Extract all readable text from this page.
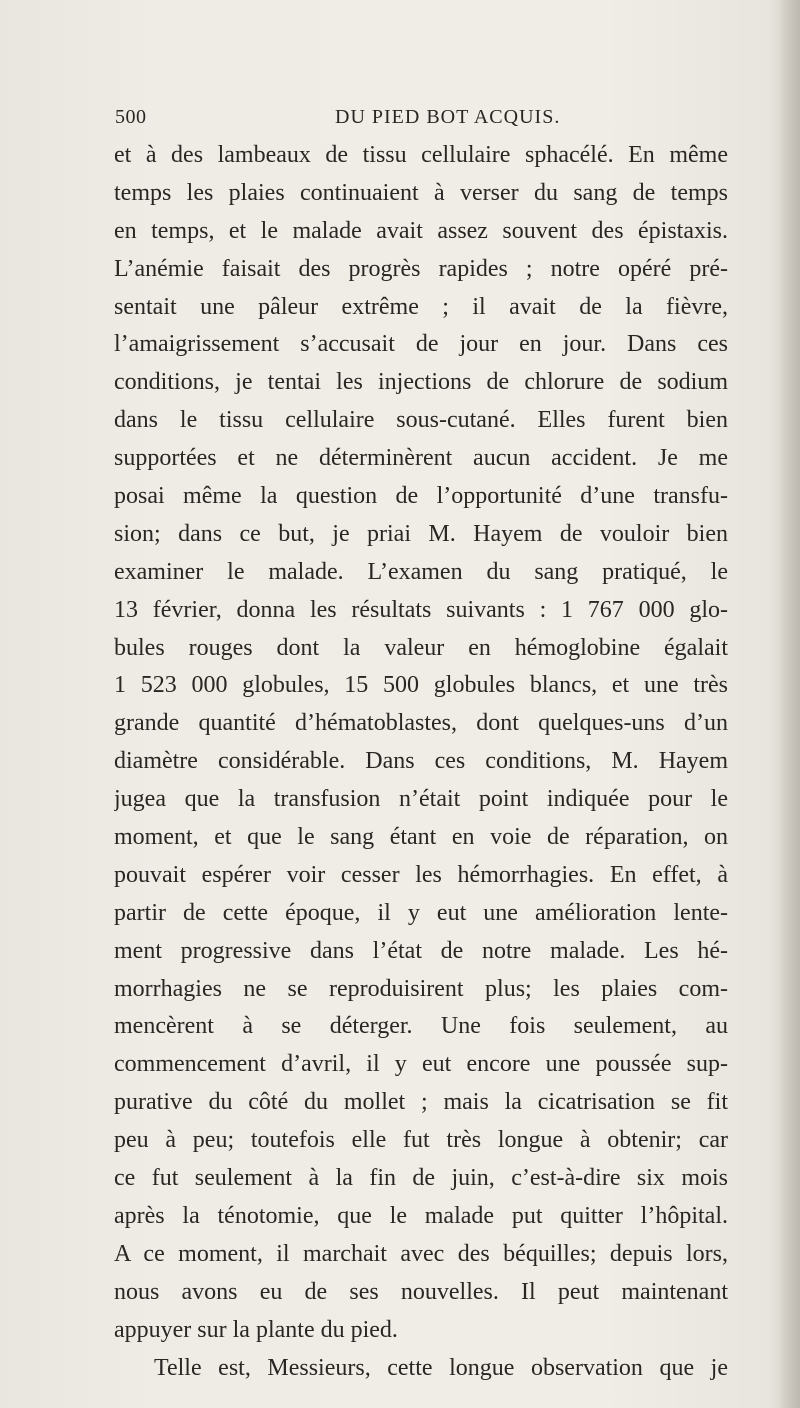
500	DU PIED BOT ACQUIS.
et à des lambeaux de tissu cellulaire sphacélé. En même
temps les plaies continuaient à verser du sang de temps
en temps, et le malade avait assez souvent des épistaxis.
L’anémie faisait des progrès rapides ; notre opéré pré-
sentait une pâleur extrême ; il avait de la fièvre,
l’amaigrissement s’accusait de jour en jour. Dans ces
conditions, je tentai les injections de chlorure de sodium
dans le tissu cellulaire sous-cutané. Elles furent bien
supportées et ne déterminèrent aucun accident. Je me
posai même la question de l’opportunité d’une transfu-
sion; dans ce but, je priai M. Hayem de vouloir bien
examiner le malade. L’examen du sang pratiqué, le
13 février, donna les résultats suivants : 1 767 000 glo-
bules rouges dont la valeur en hémoglobine égalait
1 523 000 globules, 15 500 globules blancs, et une très
grande quantité d’hématoblastes, dont quelques-uns d’un
diamètre considérable. Dans ces conditions, M. Hayem
jugea que la transfusion n’était point indiquée pour le
moment, et que le sang étant en voie de réparation, on
pouvait espérer voir cesser les hémorrhagies. En effet, à
partir de cette époque, il y eut une amélioration lente-
ment progressive dans l’état de notre malade. Les hé-
morrhagies ne se reproduisirent plus; les plaies com-
mencèrent à se déterger. Une fois seulement, au
commencement d’avril, il y eut encore une poussée sup-
purative du côté du mollet ; mais la cicatrisation se fit
peu à peu; toutefois elle fut très longue à obtenir; car
ce fut seulement à la fin de juin, c’est-à-dire six mois
après la ténotomie, que le malade put quitter l’hôpital.
A ce moment, il marchait avec des béquilles; depuis lors,
nous avons eu de ses nouvelles. Il peut maintenant
appuyer sur la plante du pied.
Telle est, Messieurs, cette longue observation que je
